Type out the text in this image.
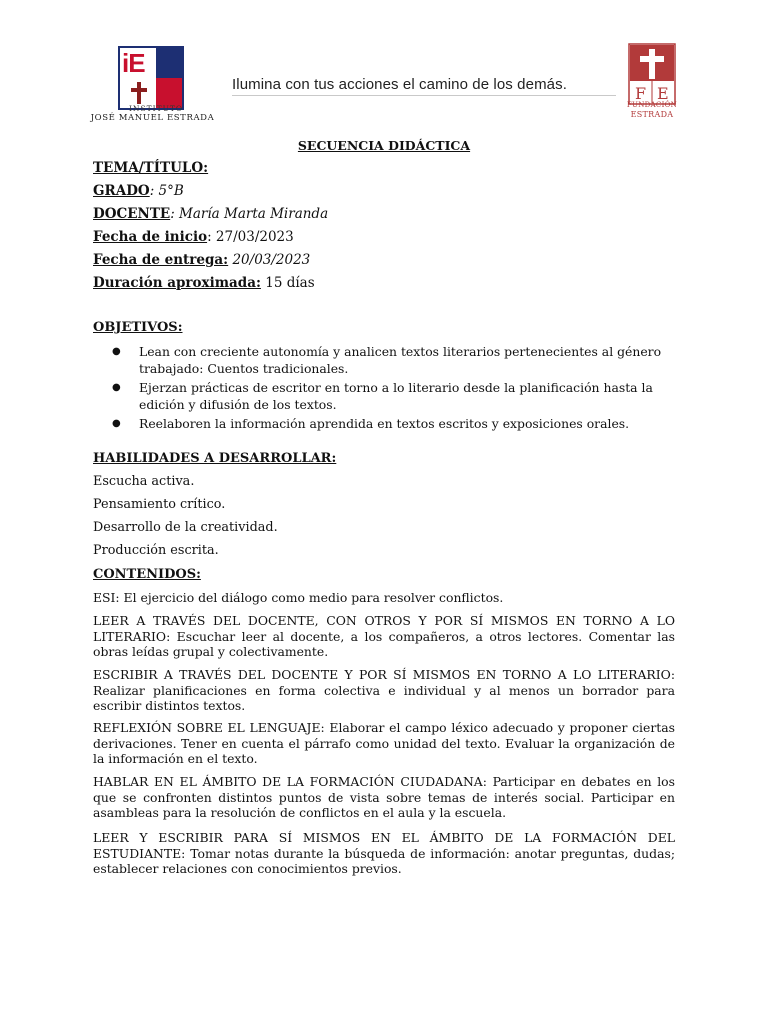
iE
INSTITUTO
JOSÉ MANUEL ESTRADA
Ilumina con tus acciones el camino de los demás.	F E
FUNDACIÓN
ESTRADA
SECUENCIA DIDÁCTICA
TEMA/TÍTULO:
GRADO: 5°B
DOCENTE: María Marta Miranda
Fecha de inicio: 27/03/2023
Fecha de entrega: 20/03/2023
Duración aproximada: 15 días
OBJETIVOS:
● Lean con creciente autonomía y analicen textos literarios pertenecientes al género trabajado: Cuentos tradicionales.
● Ejerzan prácticas de escritor en torno a lo literario desde la planificación hasta la edición y difusión de los textos.
● Reelaboren la información aprendida en textos escritos y exposiciones orales.
HABILIDADES A DESARROLLAR:
Escucha activa.
Pensamiento crítico.
Desarrollo de la creatividad.
Producción escrita.
CONTENIDOS:
ESI: El ejercicio del diálogo como medio para resolver conflictos.
LEER A TRAVÉS DEL DOCENTE, CON OTROS Y POR SÍ MISMOS EN TORNO A LO LITERARIO: Escuchar leer al docente, a los compañeros, a otros lectores. Comentar las obras leídas grupal y colectivamente.
ESCRIBIR A TRAVÉS DEL DOCENTE Y POR SÍ MISMOS EN TORNO A LO LITERARIO: Realizar planificaciones en forma colectiva e individual y al menos un borrador para escribir distintos textos.
REFLEXIÓN SOBRE EL LENGUAJE: Elaborar el campo léxico adecuado y proponer ciertas derivaciones. Tener en cuenta el párrafo como unidad del texto. Evaluar la organización de la información en el texto.
HABLAR EN EL ÁMBITO DE LA FORMACIÓN CIUDADANA: Participar en debates en los que se confronten distintos puntos de vista sobre temas de interés social. Participar en asambleas para la resolución de conflictos en el aula y la escuela.
LEER Y ESCRIBIR PARA SÍ MISMOS EN EL ÁMBITO DE LA FORMACIÓN DEL ESTUDIANTE: Tomar notas durante la búsqueda de información: anotar preguntas, dudas; establecer relaciones con conocimientos previos.
